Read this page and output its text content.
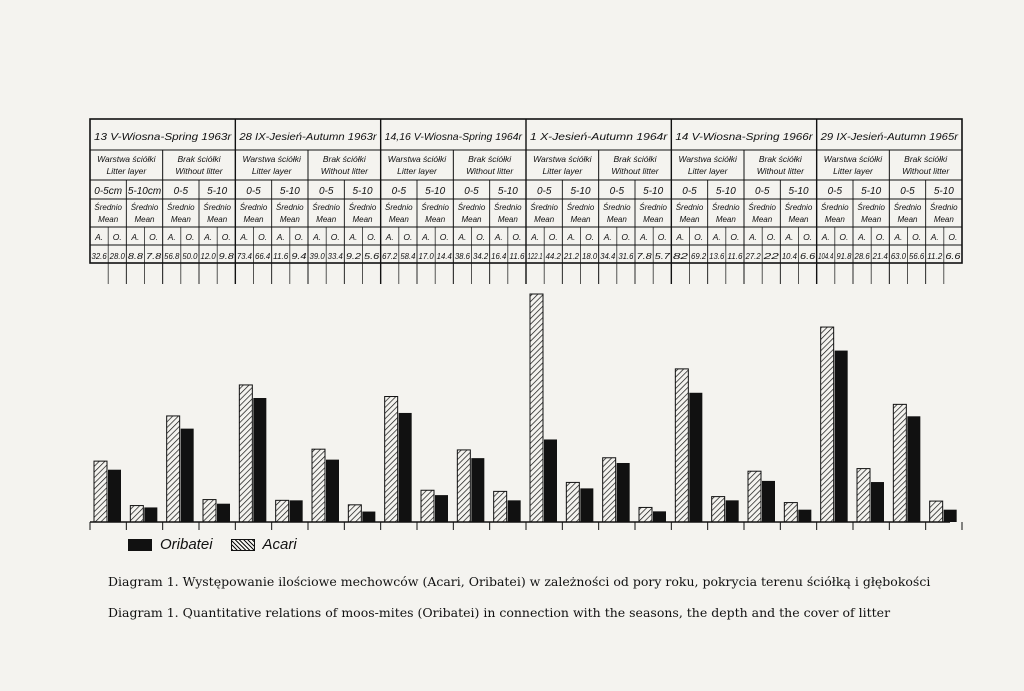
13 V-Wiosna-Spring 1963r 28 IX-Jesień-Autumn 1963r 14,16 V-Wiosna-Spring 1964r 1 X-Jesień-Autumn 1964r 14 V-Wiosna-Spring 1966r 29 IX-Jesień-Autumn 1965r
Warstwa ściółki Litter layer
Brak ściółki Without litter
Warstwa ściółki Litter layer
Brak ściółki Without litter
Warstwa ściółki Litter layer
Brak ściółki Without litter
Warstwa ściółki Litter layer
Brak ściółki Without litter
Warstwa ściółki Litter layer
Brak ściółki Without litter
Warstwa ściółki Litter layer
Brak ściółki Without litter
0-5cm 5-10cm 0-5 5-10 0-5 5-10 0-5 5-10 0-5 5-10 0-5 5-10 0-5 5-10 0-5 5-10 0-5 5-10 0-5 5-10 0-5 5-10 0-5 5-10
Średnio Mean
Średnio Mean
Średnio Mean
Średnio Mean
Średnio Mean
Średnio Mean
Średnio Mean
Średnio Mean
Średnio Mean
Średnio Mean
Średnio Mean
Średnio Mean
Średnio Mean
Średnio Mean
Średnio Mean
Średnio Mean
Średnio Mean
Średnio Mean
Średnio Mean
Średnio Mean
Średnio Mean
Średnio Mean
Średnio Mean
Średnio Mean
A.
32.6
O.
28.0
A.
8.8
O.
7.8
A.
56.8
O.
50.0
A.
12.0
O.
9.8
A.
73.4
O.
66.4
A.
11.6
O.
9.4
A.
39.0
O.
33.4
A.
9.2
O.
5.6
A.
67.2
O.
58.4
A.
17.0
O.
14.4
A.
38.6
O.
34.2
A.
16.4
O.
11.6
A.
122.1
O.
44.2
A.
21.2
O.
18.0
A.
34.4
O.
31.6
A.
7.8
O.
5.7
A.
82
O.
69.2
A.
13.6
O.
11.6
A.
27.2
O.
22
A.
10.4
O.
6.6
A.
104.4
O.
91.8
A.
28.6
O.
21.4
A.
63.0
O.
56.6
A.
11.2
O.
6.6
Oribatei	Acari
Diagram 1. Występowanie ilościowe mechowców (Acari, Oribatei) w zależności od pory roku, pokrycia terenu ściółką i głębokości
Diagram 1. Quantitative relations of moos-mites (Oribatei) in connection with the seasons, the depth and the cover of litter
